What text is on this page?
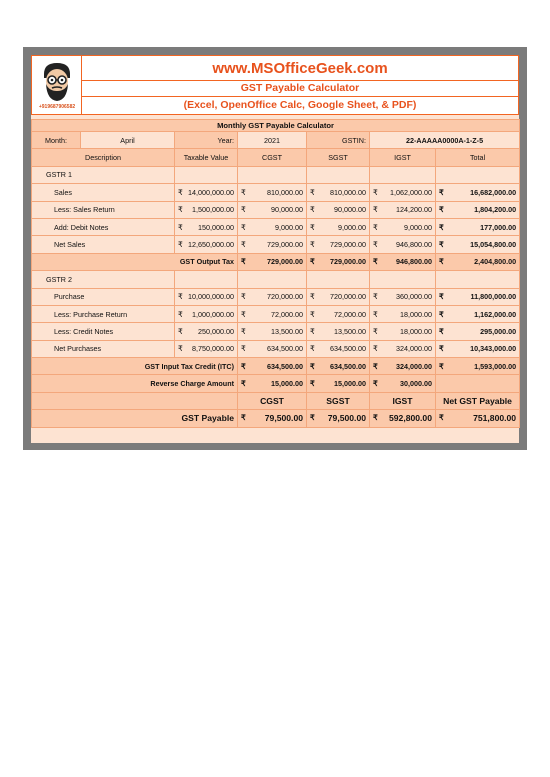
+919687906582
www.MSOfficeGeek.com
GST Payable Calculator
(Excel, OpenOffice Calc, Google Sheet, & PDF)
Monthly GST Payable Calculator						
Month:	April	Year:	2021	GSTIN:	22-AAAAA0000A-1-Z-5	
Description		Taxable Value	CGST	SGST	IGST	Total
GSTR 1						
Sales		₹ 14,000,000.00	₹ 810,000.00	₹ 810,000.00	₹ 1,062,000.00	₹ 16,682,000.00

Less: Sales Return		₹ 1,500,000.00	₹ 90,000.00	₹ 90,000.00	₹ 124,200.00	₹ 1,804,200.00

Add: Debit Notes		₹ 150,000.00	₹ 9,000.00	₹ 9,000.00	₹ 9,000.00	₹ 177,000.00

Net Sales		₹ 12,650,000.00	₹ 729,000.00	₹ 729,000.00	₹ 946,800.00	₹ 15,054,800.00

GST Output Tax			₹ 729,000.00	₹ 729,000.00	₹ 946,800.00	₹ 2,404,800.00

GSTR 2						
Purchase		₹ 10,000,000.00	₹ 720,000.00	₹ 720,000.00	₹ 360,000.00	₹ 11,800,000.00

Less: Purchase Return		₹ 1,000,000.00	₹ 72,000.00	₹ 72,000.00	₹ 18,000.00	₹ 1,162,000.00

Less: Credit Notes		₹ 250,000.00	₹ 13,500.00	₹ 13,500.00	₹ 18,000.00	₹ 295,000.00

Net Purchases		₹ 8,750,000.00	₹ 634,500.00	₹ 634,500.00	₹ 324,000.00	₹ 10,343,000.00

GST Input Tax Credit (ITC)			₹ 634,500.00	₹ 634,500.00	₹ 324,000.00	₹ 1,593,000.00

Reverse Charge Amount			₹ 15,000.00	₹ 15,000.00	₹ 30,000.00	

			CGST	SGST	IGST	Net GST Payable
GST Payable			₹ 79,500.00	₹ 79,500.00	₹ 592,800.00	₹ 751,800.00
